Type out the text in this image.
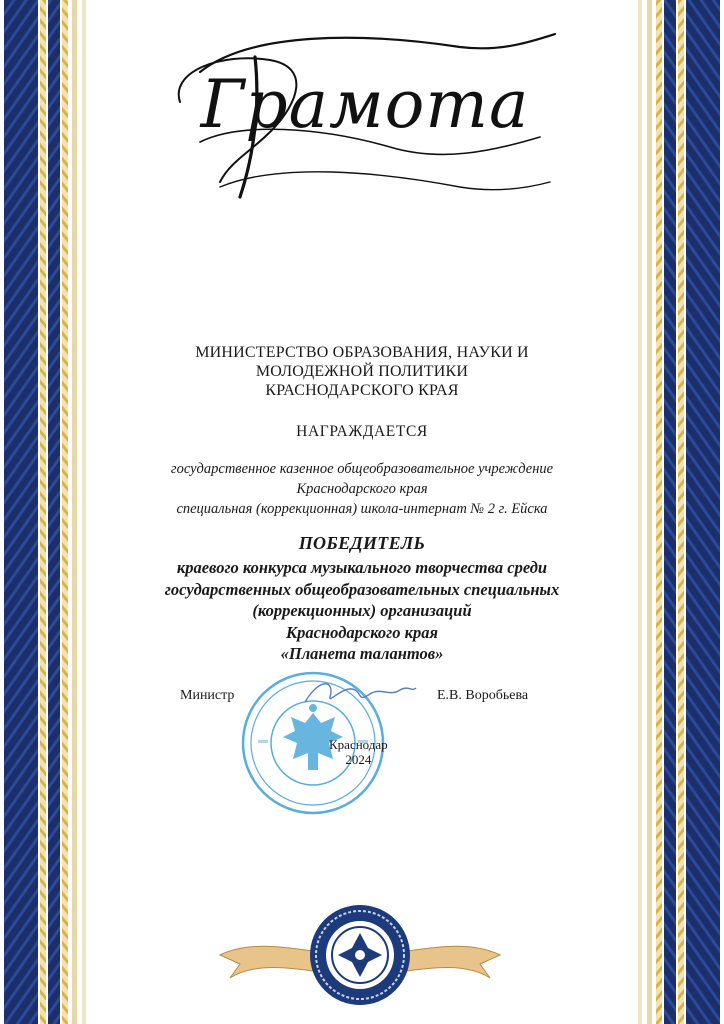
Грамота
МИНИСТЕРСТВО ОБРАЗОВАНИЯ, НАУКИ И
МОЛОДЕЖНОЙ ПОЛИТИКИ
КРАСНОДАРСКОГО КРАЯ
НАГРАЖДАЕТСЯ
государственное казенное общеобразовательное учреждение
Краснодарского края
специальная (коррекционная) школа-интернат № 2 г. Ейска
ПОБЕДИТЕЛЬ
краевого конкурса музыкального творчества среди
государственных общеобразовательных специальных
(коррекционных) организаций
Краснодарского края
«Планета талантов»
Министр	Е.В. Воробьева
Краснодар
2024
